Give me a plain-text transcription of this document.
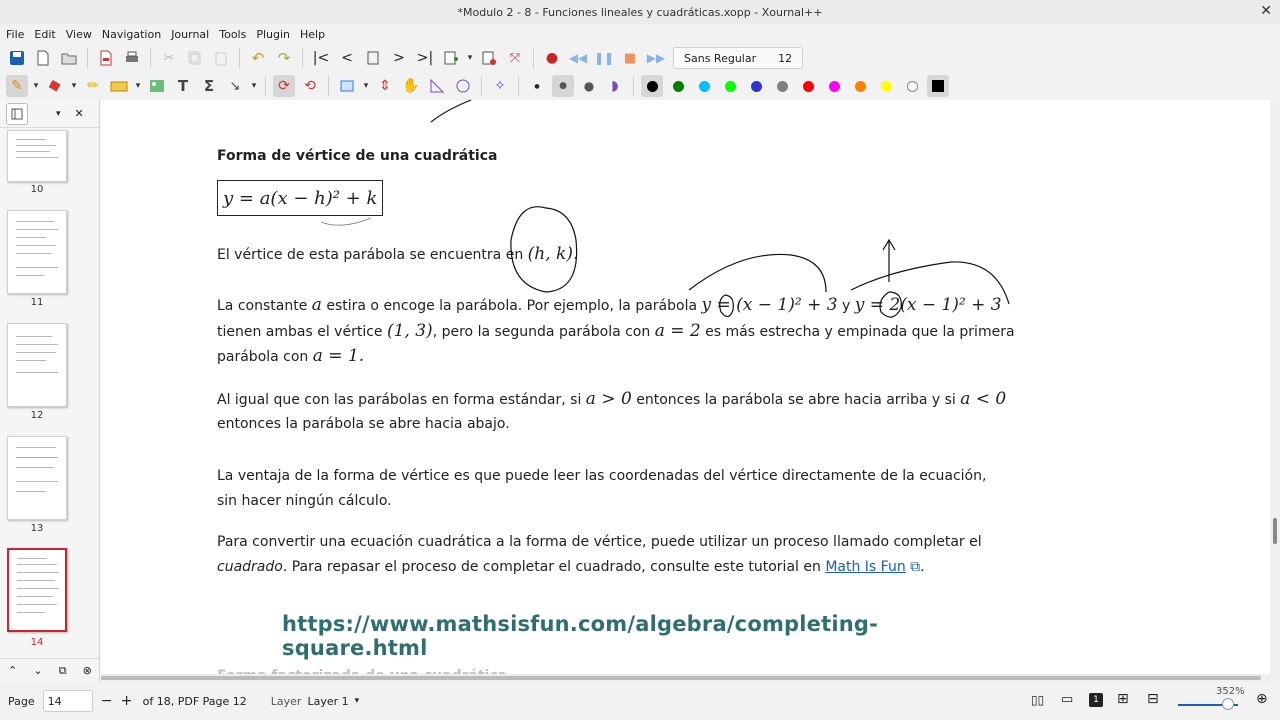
*Modulo 2 - 8 - Funciones lineales y cuadráticas.xopp - Xournal++	✕
File Edit View Navigation Journal Tools Plugin Help
✂	↶ ↷ |< <	> >|	▾	⤧ ● ◀◀ ❚❚ ■ ▶▶ Sans Regular 12
✎	▾	▾ ✏	▾	T Σ ↘	▾ ⟳ ⟲	▾ ⇕ ✋	✧	● ● ● ◗
▾ ✕
10
11
12
13
14
⌃ ⌄ ⧉ ⊗

Forma de vértice de una cuadrática

y = a(x − h)² + k

El vértice de esta parábola se encuentra en (h, k).

La constante a estira o encoge la parábola. Por ejemplo, la parábola y = (x − 1)² + 3 y y = 2(x − 1)² + 3

tienen ambas el vértice (1, 3), pero la segunda parábola con a = 2 es más estrecha y empinada que la primera

parábola con a = 1.

Al igual que con las parábolas en forma estándar, si a > 0 entonces la parábola se abre hacia arriba y si a < 0

entonces la parábola se abre hacia abajo.

La ventaja de la forma de vértice es que puede leer las coordenadas del vértice directamente de la ecuación, sin hacer ningún cálculo.

Para convertir una ecuación cuadrática a la forma de vértice, puede utilizar un proceso llamado completar el cuadrado. Para repasar el proceso de completar el cuadrado, consulte este tutorial en Math Is Fun ⧉.

https://www.mathsisfun.com/algebra/completing-square.html
Page 14	− + of 18, PDF Page 12 Layer Layer 1 ▾	▯▯ ▭	1 ⊞ ⊟	352% ⊕
